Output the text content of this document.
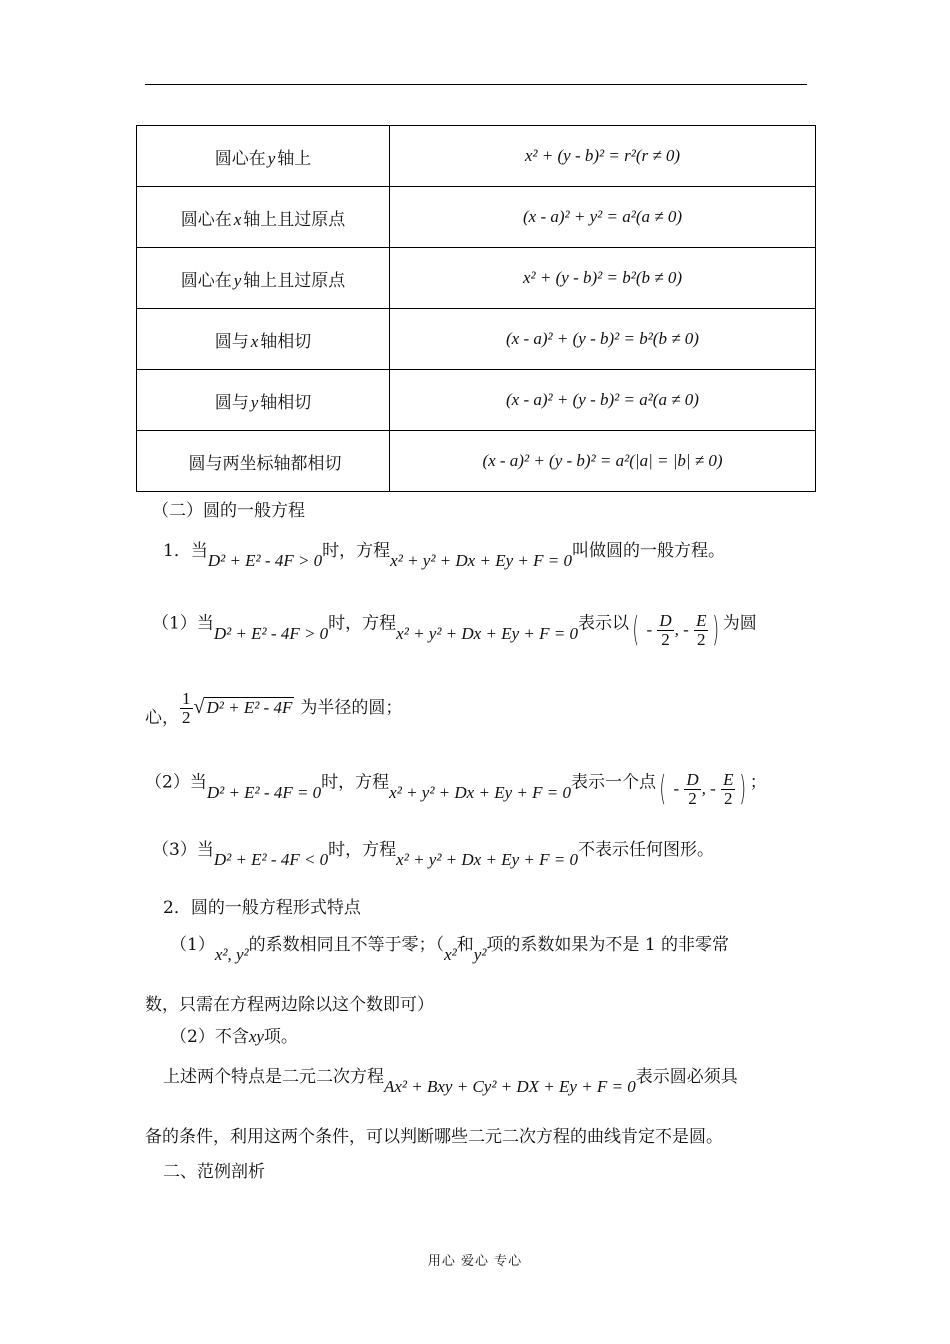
圆心在 y 轴上	x² + (y - b)² = r²(r ≠ 0)
圆心在 x 轴上且过原点	(x - a)² + y² = a²(a ≠ 0)
圆心在 y 轴上且过原点	x² + (y - b)² = b²(b ≠ 0)
圆与 x 轴相切	(x - a)² + (y - b)² = b²(b ≠ 0)
圆与 y 轴相切	(x - a)² + (y - b)² = a²(a ≠ 0)
圆与两坐标轴都相切	(x - a)² + (y - b)² = a²(|a| = |b| ≠ 0)
（二）圆的一般方程
1．当D² + E² - 4F > 0时，方程x² + y² + Dx + Ey + F = 0叫做圆的一般方程。
（1）当D² + E² - 4F > 0时，方程x² + y² + Dx + Ey + F = 0表示以( - $\frac{D}{2}$ , - $\frac{E}{2}$ ) 为圆
心， $\frac{1}{2}$ √ D² + E² - 4F 为半径的圆；
（2）当D² + E² - 4F = 0时，方程x² + y² + Dx + Ey + F = 0表示一个点( - $\frac{D}{2}$ , - $\frac{E}{2}$ ) ；
（3）当D² + E² - 4F < 0时，方程x² + y² + Dx + Ey + F = 0不表示任何图形。
2．圆的一般方程形式特点
（1）x², y²的系数相同且不等于零；（x²和y²项的系数如果为不是 1 的非零常
数，只需在方程两边除以这个数即可）
（2）不含xy项。
上述两个特点是二元二次方程Ax² + Bxy + Cy² + DX + Ey + F = 0表示圆必须具
备的条件，利用这两个条件，可以判断哪些二元二次方程的曲线肯定不是圆。
二、范例剖析
用心 爱心 专心
